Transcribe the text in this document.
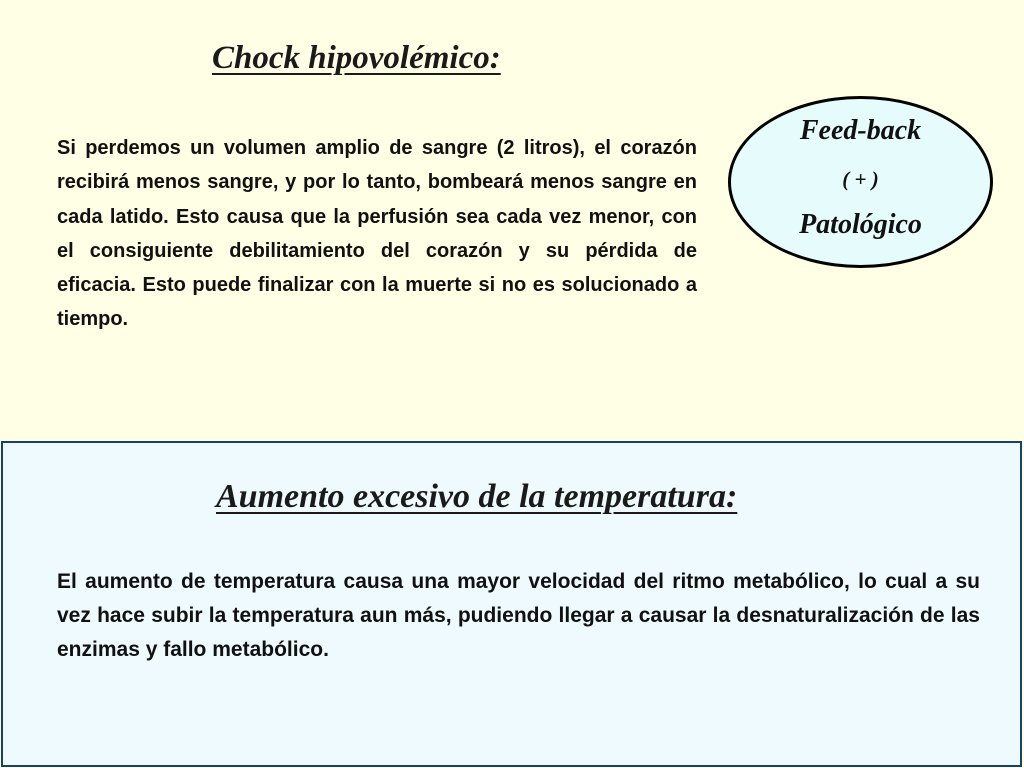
Chock hipovolémico:

Si perdemos un volumen amplio de sangre (2 litros), el corazón recibirá menos sangre, y por lo tanto, bombeará menos sangre en cada latido. Esto causa que la perfusión sea cada vez menor, con el consiguiente debilitamiento del corazón y su pérdida de eficacia. Esto puede finalizar con la muerte si no es solucionado a tiempo.

Feed-back
( + )
Patológico
Aumento excesivo de la temperatura:

El aumento de temperatura causa una mayor velocidad del ritmo metabólico, lo cual a su vez hace subir la temperatura aun más, pudiendo llegar a causar la desnaturalización de las enzimas y fallo metabólico.
